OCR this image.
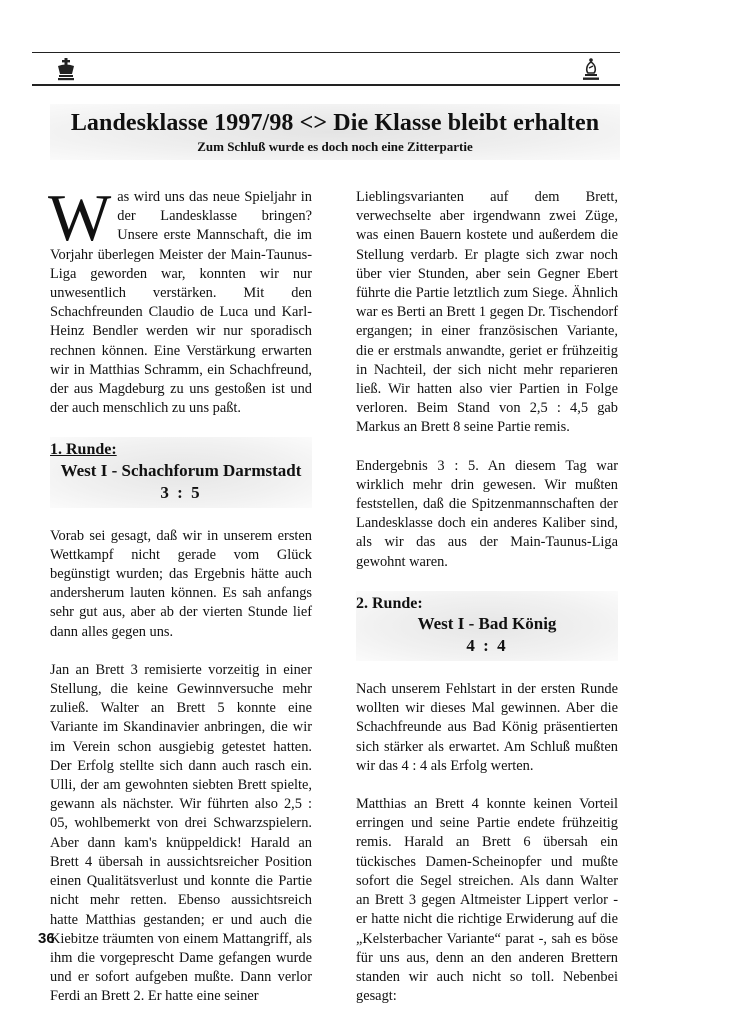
Landesklasse 1997/98 <> Die Klasse bleibt erhalten
Zum Schluß wurde es doch noch eine Zitterpartie

Was wird uns das neue Spieljahr in der Landesklasse bringen? Unsere erste Mannschaft, die im Vorjahr überlegen Meister der Main-Taunus-Liga geworden war, konnten wir nur unwesentlich verstärken. Mit den Schachfreunden Claudio de Luca und Karl-Heinz Bendler werden wir nur sporadisch rechnen können. Eine Verstärkung erwarten wir in Matthias Schramm, ein Schachfreund, der aus Magdeburg zu uns gestoßen ist und der auch menschlich zu uns paßt.

1. Runde:
West I - Schachforum Darmstadt
3 : 5

Vorab sei gesagt, daß wir in unserem ersten Wettkampf nicht gerade vom Glück begünstigt wurden; das Ergebnis hätte auch andersherum lauten können. Es sah anfangs sehr gut aus, aber ab der vierten Stunde lief dann alles gegen uns.

Jan an Brett 3 remisierte vorzeitig in einer Stellung, die keine Gewinnversuche mehr zuließ. Walter an Brett 5 konnte eine Variante im Skandinavier anbringen, die wir im Verein schon ausgiebig getestet hatten. Der Erfolg stellte sich dann auch rasch ein. Ulli, der am gewohnten siebten Brett spielte, gewann als nächster. Wir führten also 2,5 : 05, wohlbemerkt von drei Schwarzspielern. Aber dann kam's knüppeldick! Harald an Brett 4 übersah in aussichtsreicher Position einen Qualitätsverlust und konnte die Partie nicht mehr retten. Ebenso aussichtsreich hatte Matthias gestanden; er und auch die Kiebitze träumten von einem Mattangriff, als ihm die vorgeprescht Dame gefangen wurde und er sofort aufgeben mußte. Dann verlor Ferdi an Brett 2. Er hatte eine seiner

Lieblingsvarianten auf dem Brett, verwechselte aber irgendwann zwei Züge, was einen Bauern kostete und außerdem die Stellung verdarb. Er plagte sich zwar noch über vier Stunden, aber sein Gegner Ebert führte die Partie letztlich zum Siege. Ähnlich war es Berti an Brett 1 gegen Dr. Tischendorf ergangen; in einer französischen Variante, die er erstmals anwandte, geriet er frühzeitig in Nachteil, der sich nicht mehr reparieren ließ. Wir hatten also vier Partien in Folge verloren. Beim Stand von 2,5 : 4,5 gab Markus an Brett 8 seine Partie remis.

Endergebnis 3 : 5. An diesem Tag war wirklich mehr drin gewesen. Wir mußten feststellen, daß die Spitzenmannschaften der Landesklasse doch ein anderes Kaliber sind, als wir das aus der Main-Taunus-Liga gewohnt waren.

2. Runde:
West I - Bad König
4 : 4

Nach unserem Fehlstart in der ersten Runde wollten wir dieses Mal gewinnen. Aber die Schachfreunde aus Bad König präsentierten sich stärker als erwartet. Am Schluß mußten wir das 4 : 4 als Erfolg werten.

Matthias an Brett 4 konnte keinen Vorteil erringen und seine Partie endete frühzeitig remis. Harald an Brett 6 übersah ein tückisches Damen-Scheinopfer und mußte sofort die Segel streichen. Als dann Walter an Brett 3 gegen Altmeister Lippert verlor - er hatte nicht die richtige Erwiderung auf die „Kelsterbacher Variante“ parat -, sah es böse für uns aus, denn an den anderen Brettern standen wir auch nicht so toll. Nebenbei gesagt:

36
